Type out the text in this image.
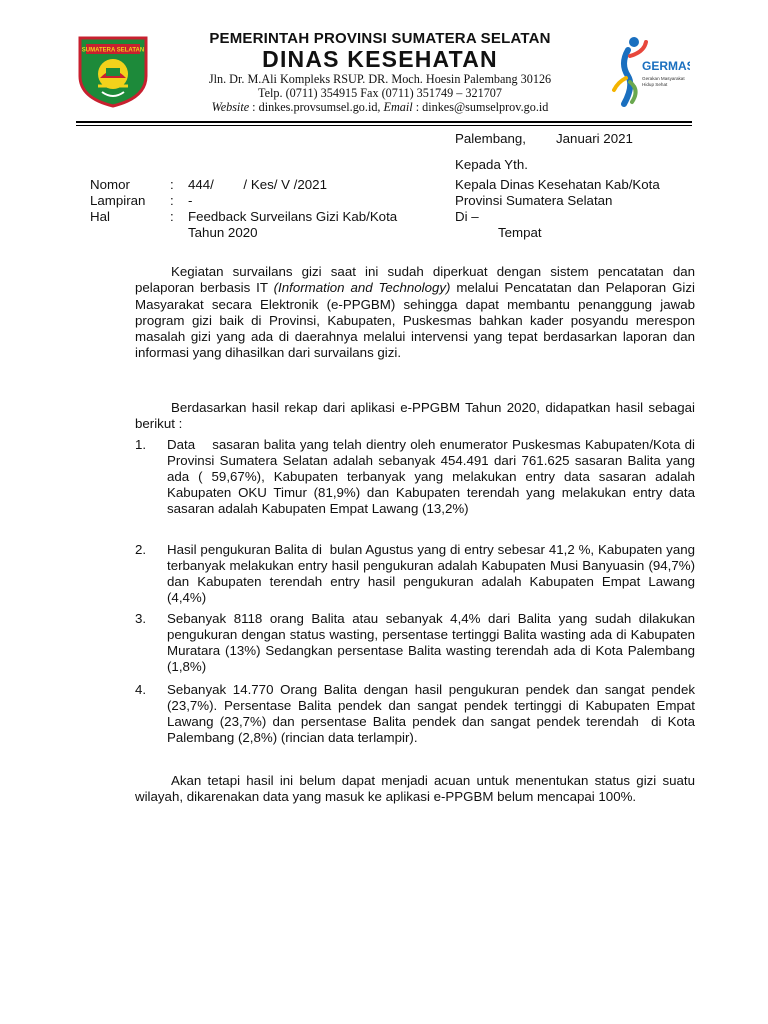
SUMATERA SELATAN
GERMAS
Gerakan Masyarakat
Hidup Sehat
PEMERINTAH PROVINSI SUMATERA SELATAN
DINAS KESEHATAN
Jln. Dr. M.Ali Kompleks RSUP. DR. Moch. Hoesin Palembang 30126
Telp. (0711) 354915 Fax (0711) 351749 – 321707
Website : dinkes.provsumsel.go.id, Email : dinkes@sumselprov.go.id
Palembang, Januari 2021
Kepada Yth.
Nomor	: 444/        / Kes/ V /2021
Lampiran : -
Hal	: Feedback Surveilans Gizi Kab/Kota
Tahun 2020
Kepala Dinas Kesehatan Kab/Kota
Provinsi Sumatera Selatan
Di –
Tempat

Kegiatan survailans gizi saat ini sudah diperkuat dengan sistem pencatatan dan pelaporan berbasis IT (Information and Technology) melalui Pencatatan dan Pelaporan Gizi Masyarakat secara Elektronik (e-PPGBM) sehingga dapat membantu penanggung jawab program gizi baik di Provinsi, Kabupaten, Puskesmas bahkan kader posyandu merespon masalah gizi yang ada di daerahnya melalui intervensi yang tepat berdasarkan laporan dan informasi yang dihasilkan dari survailans gizi.

Berdasarkan hasil rekap dari aplikasi e-PPGBM Tahun 2020, didapatkan hasil sebagai berikut :

1. Data    sasaran balita yang telah dientry oleh enumerator Puskesmas Kabupaten/Kota di Provinsi Sumatera Selatan adalah sebanyak 454.491 dari 761.625 sasaran Balita yang ada ( 59,67%), Kabupaten terbanyak yang melakukan entry data sasaran adalah Kabupaten OKU Timur (81,9%) dan Kabupaten terendah yang melakukan entry data sasaran adalah Kabupaten Empat Lawang (13,2%)
2. Hasil pengukuran Balita di  bulan Agustus yang di entry sebesar 41,2 %, Kabupaten yang terbanyak melakukan entry hasil pengukuran adalah Kabupaten Musi Banyuasin (94,7%) dan Kabupaten terendah entry hasil pengukuran adalah Kabupaten Empat Lawang (4,4%)
3. Sebanyak 8118 orang Balita atau sebanyak 4,4% dari Balita yang sudah dilakukan pengukuran dengan status wasting, persentase tertinggi Balita wasting ada di Kabupaten Muratara (13%) Sedangkan persentase Balita wasting terendah ada di Kota Palembang (1,8%)
4. Sebanyak 14.770 Orang Balita dengan hasil pengukuran pendek dan sangat pendek (23,7%). Persentase Balita pendek dan sangat pendek tertinggi di Kabupaten Empat Lawang (23,7%) dan persentase Balita pendek dan sangat pendek terendah  di Kota Palembang (2,8%) (rincian data terlampir).

Akan tetapi hasil ini belum dapat menjadi acuan untuk menentukan status gizi suatu wilayah, dikarenakan data yang masuk ke aplikasi e-PPGBM belum mencapai 100%.
